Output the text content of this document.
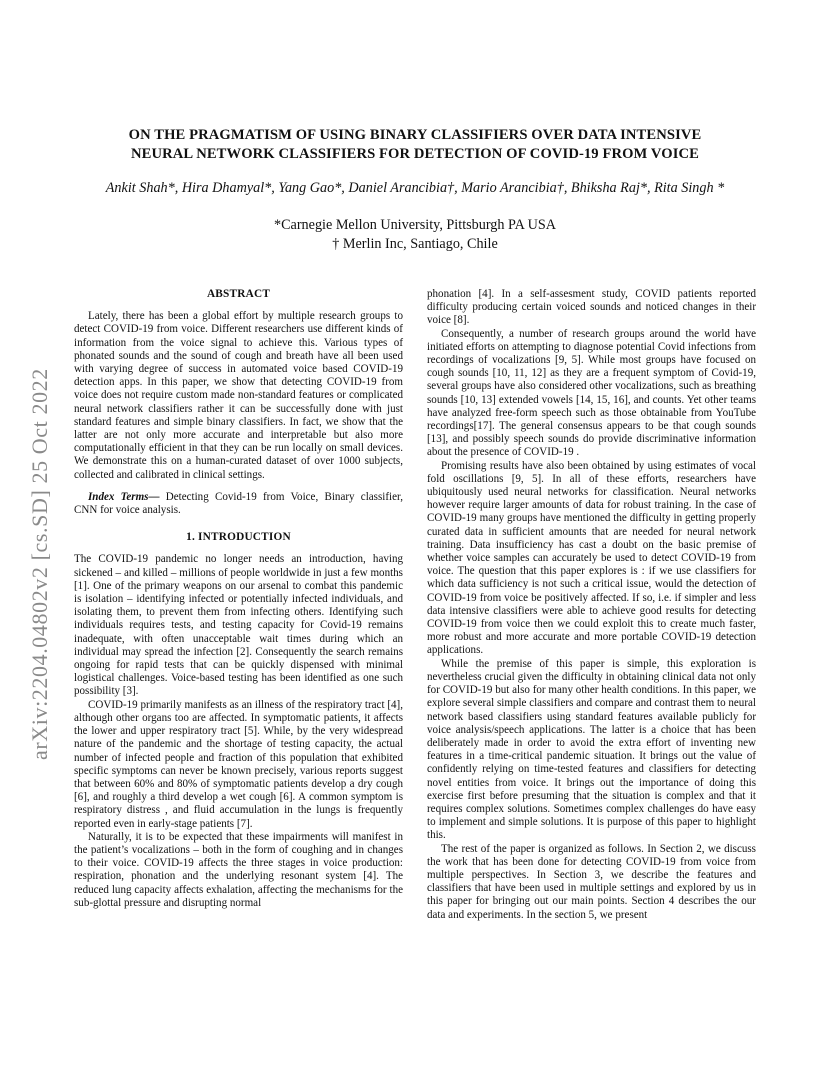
arXiv:2204.04802v2 [cs.SD] 25 Oct 2022
ON THE PRAGMATISM OF USING BINARY CLASSIFIERS OVER DATA INTENSIVE
NEURAL NETWORK CLASSIFIERS FOR DETECTION OF COVID-19 FROM VOICE
Ankit Shah*, Hira Dhamyal*, Yang Gao*, Daniel Arancibia†, Mario Arancibia†, Bhiksha Raj*, Rita Singh *
*Carnegie Mellon University, Pittsburgh PA USA
† Merlin Inc, Santiago, Chile
ABSTRACT

Lately, there has been a global effort by multiple research groups to detect COVID-19 from voice. Different researchers use different kinds of information from the voice signal to achieve this. Various types of phonated sounds and the sound of cough and breath have all been used with varying degree of success in automated voice based COVID-19 detection apps. In this paper, we show that detecting COVID-19 from voice does not require custom made non-standard features or complicated neural network classifiers rather it can be successfully done with just standard features and simple binary classifiers. In fact, we show that the latter are not only more accurate and interpretable but also more computationally efficient in that they can be run locally on small devices. We demonstrate this on a human-curated dataset of over 1000 subjects, collected and calibrated in clinical settings.

Index Terms— Detecting Covid-19 from Voice, Binary classifier, CNN for voice analysis.

1. INTRODUCTION

The COVID-19 pandemic no longer needs an introduction, having sickened – and killed – millions of people worldwide in just a few months [1]. One of the primary weapons on our arsenal to combat this pandemic is isolation – identifying infected or potentially infected individuals, and isolating them, to prevent them from infecting others. Identifying such individuals requires tests, and testing capacity for Covid-19 remains inadequate, with often unacceptable wait times during which an individual may spread the infection [2]. Consequently the search remains ongoing for rapid tests that can be quickly dispensed with minimal logistical challenges. Voice-based testing has been identified as one such possibility [3].

COVID-19 primarily manifests as an illness of the respiratory tract [4], although other organs too are affected. In symptomatic patients, it affects the lower and upper respiratory tract [5]. While, by the very widespread nature of the pandemic and the shortage of testing capacity, the actual number of infected people and fraction of this population that exhibited specific symptoms can never be known precisely, various reports suggest that between 60% and 80% of symptomatic patients develop a dry cough [6], and roughly a third develop a wet cough [6]. A common symptom is respiratory distress , and fluid accumulation in the lungs is frequently reported even in early-stage patients [7].

Naturally, it is to be expected that these impairments will manifest in the patient’s vocalizations – both in the form of coughing and in changes to their voice. COVID-19 affects the three stages in voice production: respiration, phonation and the underlying resonant system [4]. The reduced lung capacity affects exhalation, affecting the mechanisms for the sub-glottal pressure and disrupting normal

phonation [4]. In a self-assesment study, COVID patients reported difficulty producing certain voiced sounds and noticed changes in their voice [8].

Consequently, a number of research groups around the world have initiated efforts on attempting to diagnose potential Covid infections from recordings of vocalizations [9, 5]. While most groups have focused on cough sounds [10, 11, 12] as they are a frequent symptom of Covid-19, several groups have also considered other vocalizations, such as breathing sounds [10, 13] extended vowels [14, 15, 16], and counts. Yet other teams have analyzed free-form speech such as those obtainable from YouTube recordings[17]. The general consensus appears to be that cough sounds [13], and possibly speech sounds do provide discriminative information about the presence of COVID-19 .

Promising results have also been obtained by using estimates of vocal fold oscillations [9, 5]. In all of these efforts, researchers have ubiquitously used neural networks for classification. Neural networks however require larger amounts of data for robust training. In the case of COVID-19 many groups have mentioned the difficulty in getting properly curated data in sufficient amounts that are needed for neural network training. Data insufficiency has cast a doubt on the basic premise of whether voice samples can accurately be used to detect COVID-19 from voice. The question that this paper explores is : if we use classifiers for which data sufficiency is not such a critical issue, would the detection of COVID-19 from voice be positively affected. If so, i.e. if simpler and less data intensive classifiers were able to achieve good results for detecting COVID-19 from voice then we could exploit this to create much faster, more robust and more accurate and more portable COVID-19 detection applications.

While the premise of this paper is simple, this exploration is nevertheless crucial given the difficulty in obtaining clinical data not only for COVID-19 but also for many other health conditions. In this paper, we explore several simple classifiers and compare and contrast them to neural network based classifiers using standard features available publicly for voice analysis/speech applications. The latter is a choice that has been deliberately made in order to avoid the extra effort of inventing new features in a time-critical pandemic situation. It brings out the value of confidently relying on time-tested features and classifiers for detecting novel entities from voice. It brings out the importance of doing this exercise first before presuming that the situation is complex and that it requires complex solutions. Sometimes complex challenges do have easy to implement and simple solutions. It is purpose of this paper to highlight this.

The rest of the paper is organized as follows. In Section 2, we discuss the work that has been done for detecting COVID-19 from voice from multiple perspectives. In Section 3, we describe the features and classifiers that have been used in multiple settings and explored by us in this paper for bringing out our main points. Section 4 describes the our data and experiments. In the section 5, we present
